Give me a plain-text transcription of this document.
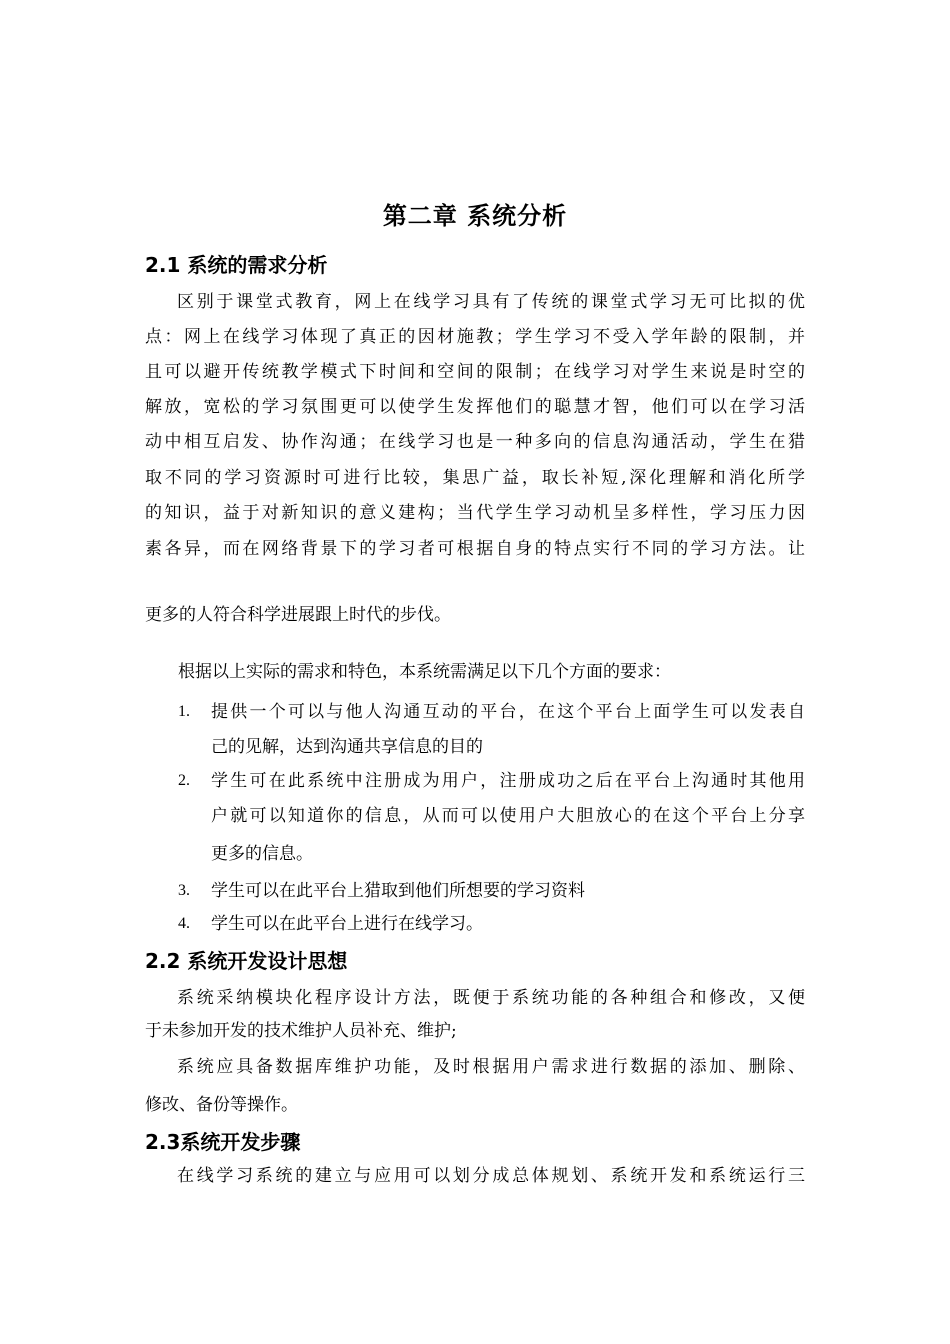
第二章 系统分析
2.1 系统的需求分析
区别于课堂式教育，网上在线学习具有了传统的课堂式学习无可比拟的优
点：网上在线学习体现了真正的因材施教；学生学习不受入学年龄的限制，并
且可以避开传统教学模式下时间和空间的限制；在线学习对学生来说是时空的
解放，宽松的学习氛围更可以使学生发挥他们的聪慧才智，他们可以在学习活
动中相互启发、协作沟通；在线学习也是一种多向的信息沟通活动，学生在猎
取不同的学习资源时可进行比较，集思广益，取长补短,深化理解和消化所学
的知识，益于对新知识的意义建构；当代学生学习动机呈多样性，学习压力因
素各异，而在网络背景下的学习者可根据自身的特点实行不同的学习方法。让
更多的人符合科学进展跟上时代的步伐。
根据以上实际的需求和特色，本系统需满足以下几个方面的要求：
1. 提供一个可以与他人沟通互动的平台，在这个平台上面学生可以发表自
己的见解，达到沟通共享信息的目的
2. 学生可在此系统中注册成为用户，注册成功之后在平台上沟通时其他用
户就可以知道你的信息，从而可以使用户大胆放心的在这个平台上分享
更多的信息。
3. 学生可以在此平台上猎取到他们所想要的学习资料
4. 学生可以在此平台上进行在线学习。
2.2 系统开发设计思想
系统采纳模块化程序设计方法，既便于系统功能的各种组合和修改，又便
于未参加开发的技术维护人员补充、维护;
系统应具备数据库维护功能，及时根据用户需求进行数据的添加、删除、
修改、备份等操作。
2.3系统开发步骤
在线学习系统的建立与应用可以划分成总体规划、系统开发和系统运行三
